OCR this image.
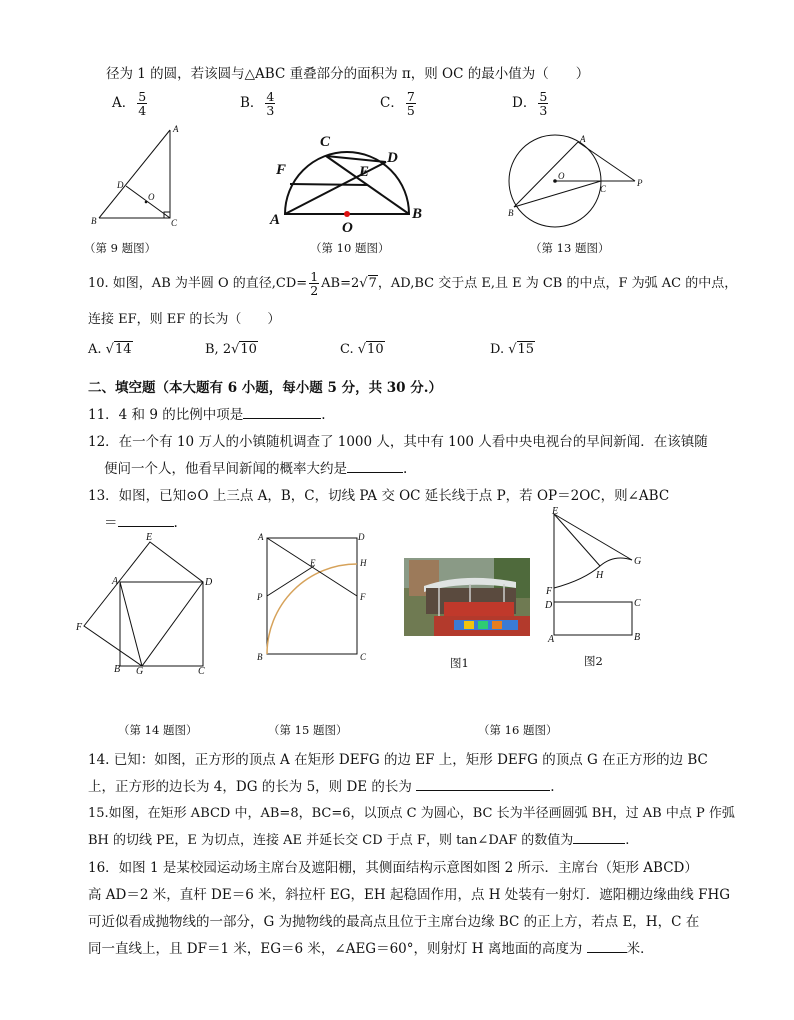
径为 1 的圆，若该圆与△ABC 重叠部分的面积为 π，则 OC 的最小值为（　　）
A． $\frac{5}{4}$	B． $\frac{4}{3}$	C． $\frac{7}{5}$	D． $\frac{5}{3}$
A
B	C
D
O
A	B
C
D
E
F
O
A
B
C
O
P
（第 9 题图）	（第 10 题图）	（第 13 题图）
10. 如图，AB 为半圆 O 的直径$,CD= \frac{1}{2} AB=2√7$，AD,BC 交于点 E,且 E 为 CB 的中点，F 为弧 AC 的中点，
连接 EF，则 EF 的长为（　　）
A. √14	B, 2√10	C. √10	D. √15
二、填空题（本大题有 6 小题，每小题 5 分，共 30 分.）
11．4 和 9 的比例中项是	.
12．在一个有 10 万人的小镇随机调查了 1000 人，其中有 100 人看中央电视台的早间新闻．在该镇随
便问一个人，他看早间新闻的概率大约是	.
13．如图，已知⊙O 上三点 A，B，C，切线 PA 交 OC 延长线于点 P，若 OP＝2OC，则∠ABC
＝	.
A
B	C
D
E
F
G
A
B	C
D
E
F
H
P
图1
E
G
H
F
D	C
A	B
图2
（第 14 题图）	（第 15 题图）	（第 16 题图）
14. 已知：如图，正方形的顶点 A 在矩形 DEFG 的边 EF 上，矩形 DEFG 的顶点 G 在正方形的边 BC
上，正方形的边长为 4，DG 的长为 5，则 DE 的长为	.
15.如图，在矩形 ABCD 中，AB=8，BC=6，以顶点 C 为圆心，BC 长为半径画圆弧 BH，过 AB 中点 P 作弧
BH 的切线 PE，E 为切点，连接 AE 并延长交 CD 于点 F，则 tan∠DAF 的数值为	.
16．如图 1 是某校园运动场主席台及遮阳棚，其侧面结构示意图如图 2 所示．主席台（矩形 ABCD）
高 AD＝2 米，直杆 DE＝6 米，斜拉杆 EG，EH 起稳固作用，点 H 处装有一射灯．遮阳棚边缘曲线 FHG
可近似看成抛物线的一部分，G 为抛物线的最高点且位于主席台边缘 BC 的正上方，若点 E，H，C 在
同一直线上，且 DF＝1 米，EG＝6 米，∠AEG＝60°，则射灯 H 离地面的高度为	米．
